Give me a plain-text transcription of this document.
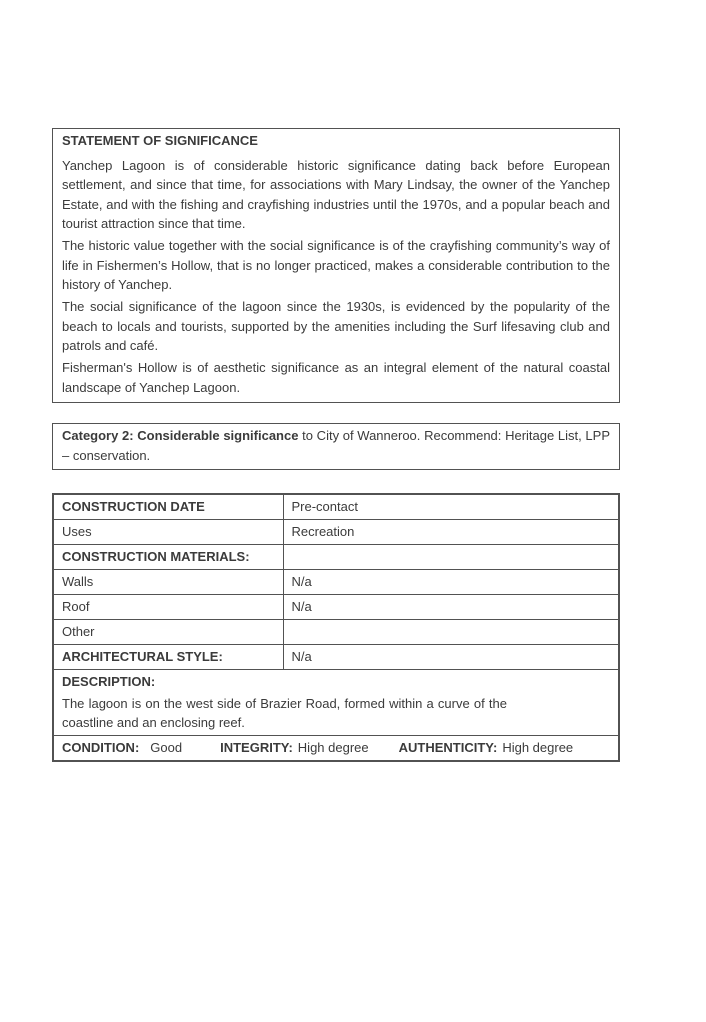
STATEMENT OF SIGNIFICANCE

Yanchep Lagoon is of considerable historic significance dating back before European settlement, and since that time, for associations with Mary Lindsay, the owner of the Yanchep Estate, and with the fishing and crayfishing industries until the 1970s, and a popular beach and tourist attraction since that time.

The historic value together with the social significance is of the crayfishing community’s way of life in Fishermen’s Hollow, that is no longer practiced, makes a considerable contribution to the history of Yanchep.

The social significance of the lagoon since the 1930s, is evidenced by the popularity of the beach to locals and tourists, supported by the amenities including the Surf lifesaving club and patrols and café.

Fisherman's Hollow is of aesthetic significance as an integral element of the natural coastal landscape of Yanchep Lagoon.

Category 2: Considerable significance to City of Wanneroo. Recommend: Heritage List, LPP – conservation.

CONSTRUCTION DATE	Pre-contact
Uses	Recreation
CONSTRUCTION MATERIALS:	
Walls	N/a
Roof	N/a
Other	
ARCHITECTURAL STYLE:	N/a

DESCRIPTION:

The lagoon is on the west side of Brazier Road, formed within a curve of the coastline and an enclosing reef.	

CONDITION: Good INTEGRITY: High degree AUTHENTICITY: High degree	
